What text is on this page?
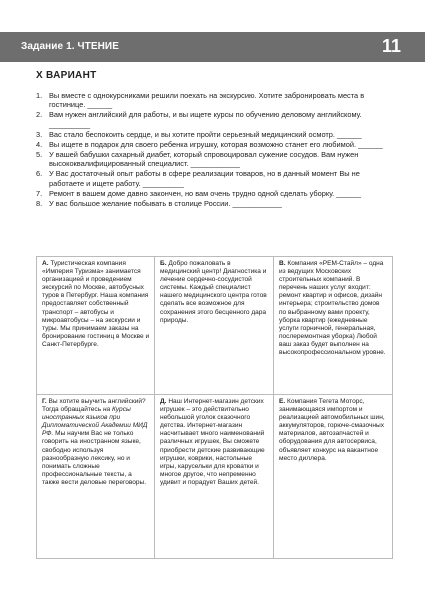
Задание 1. ЧТЕНИЕ	11
X ВАРИАНТ
1. Вы вместе с однокурсниками решили поехать на экскурсию. Хотите забронировать места в гостинице. ______
2. Вам нужен английский для работы, и вы ищете курсы по обучению деловому английскому. __________
3. Вас стало беспокоить сердце, и вы хотите пройти серьезный медицинский осмотр. ______
4. Вы ищете в подарок для своего ребенка игрушку, которая возможно станет его любимой. ______
5. У вашей бабушки сахарный диабет, который спровоцировал сужение сосудов. Вам нужен высококвалифицированный специалист. ____________
6. У Вас достаточный опыт работы в сфере реализации товаров, но в данный момент Вы не работаете и ищете работу. __________
7. Ремонт в вашем доме давно закончен, но вам очень трудно одной сделать уборку. ______
8. У вас большое желание побывать в столице России. ____________
А. Туристическая компания «Империя Туризма» занимается организацией и проведением экскурсий по Москве, автобусных туров в Петербург. Наша компания предоставляет собственный транспорт – автобусы и микроавтобусы – на экскурсии и туры. Мы принимаем заказы на бронирование гостиниц в Москве и Санкт-Петербурге.
Б. Добро пожаловать в медицинский центр! Диагностика и лечение сердечно-сосудистой системы. Каждый специалист нашего медицинского центра готов сделать все возможное для сохранения этого бесценного дара природы.
В. Компания «РЕМ-Стайл» – одна из ведущих Московских строительных компаний. В перечень наших услуг входит: ремонт квартир и офисов, дизайн интерьера; строительство домов по выбранному вами проекту, уборка квартир (ежедневные услуги горничной, генеральная, послеремонтная уборка) Любой ваш заказ будет выполнен на высокопрофессиональном уровне.
Г. Вы хотите выучить английский? Тогда обращайтесь на Курсы иностранных языков при Дипломатической Академии МИД РФ. Мы научим Вас не только говорить на иностранном языке, свободно используя разнообразную лексику, но и понимать сложные профессиональные тексты, а также вести деловые переговоры.
Д. Наш Интернет-магазин детских игрушек – это действительно небольшой уголок сказочного детства. Интернет-магазин насчитывает много наименований различных игрушек, Вы сможете приобрести детские развивающие игрушки, коврики, настольные игры, карусельки для кроватки и многое другое, что непременно удивит и порадует Ваших детей.
Е. Компания Тегета Моторс, занимающаяся импортом и реализацией автомобильных шин, аккумуляторов, горюче-смазочных материалов, автозапчастей и оборудования для автосервиса, объявляет конкурс на вакантное место диллера.
